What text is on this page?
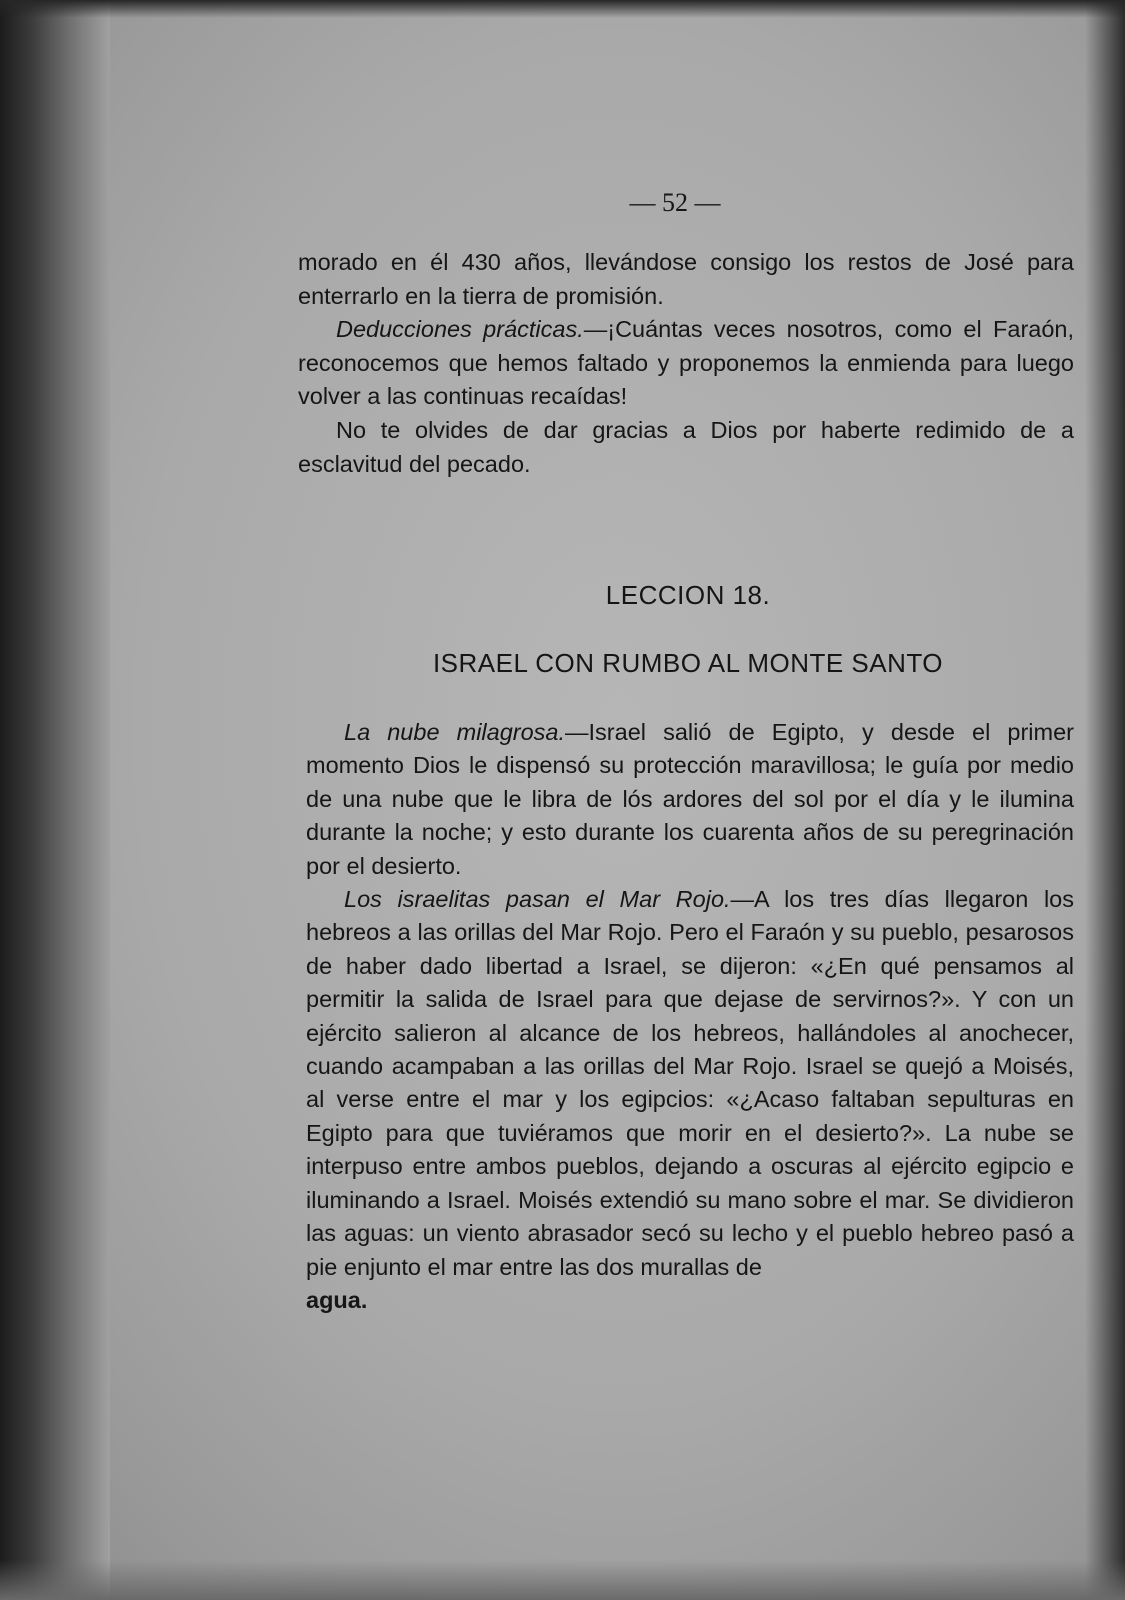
— 52 —

morado en él 430 años, llevándose consigo los restos de José para enterrarlo en la tierra de promisión.

Deducciones prácticas.—¡Cuántas veces nosotros, como el Faraón, reconocemos que hemos faltado y proponemos la enmienda para luego volver a las continuas recaídas!

No te olvides de dar gracias a Dios por haberte redimido de a esclavitud del pecado.

LECCION 18.
ISRAEL CON RUMBO AL MONTE SANTO

La nube milagrosa.—Israel salió de Egipto, y desde el primer momento Dios le dispensó su protección maravillosa; le guía por medio de una nube que le libra de lós ardores del sol por el día y le ilumina durante la noche; y esto durante los cuarenta años de su peregrinación por el desierto.

Los israelitas pasan el Mar Rojo.—A los tres días llegaron los hebreos a las orillas del Mar Rojo. Pero el Faraón y su pueblo, pesarosos de haber dado libertad a Israel, se dijeron: «¿En qué pensamos al permitir la salida de Israel para que dejase de servirnos?». Y con un ejército salieron al alcance de los hebreos, hallándoles al anochecer, cuando acampaban a las orillas del Mar Rojo. Israel se quejó a Moisés, al verse entre el mar y los egipcios: «¿Acaso faltaban sepulturas en Egipto para que tuviéramos que morir en el desierto?». La nube se interpuso entre ambos pueblos, dejando a oscuras al ejército egipcio e iluminando a Israel. Moisés extendió su mano sobre el mar. Se dividieron las aguas: un viento abrasador secó su lecho y el pueblo hebreo pasó a pie enjunto el mar entre las dos murallas de

agua.
